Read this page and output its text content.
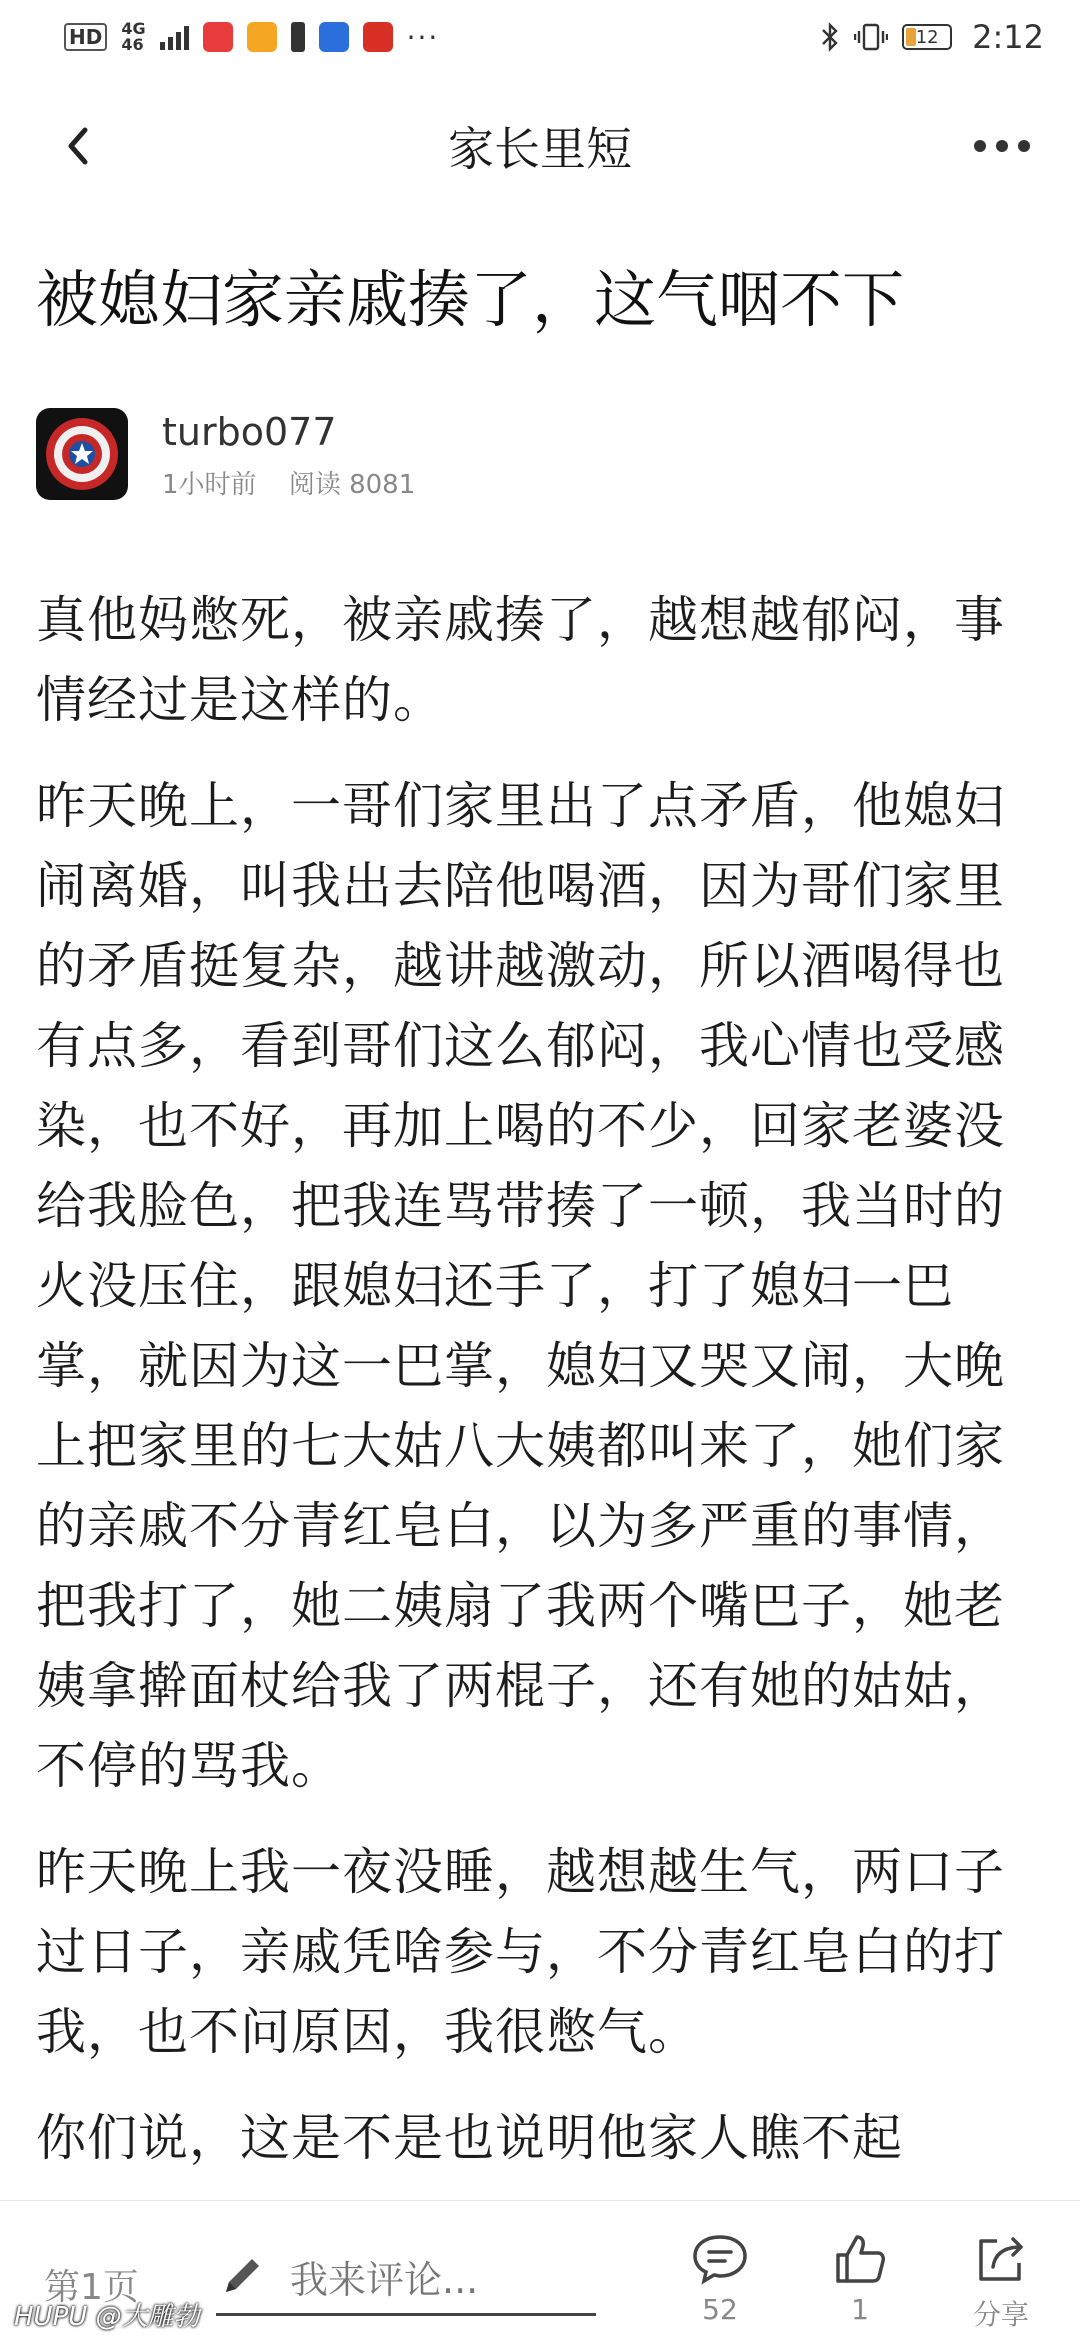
HD	4G
46	···	12 2:12
家长里短
被媳妇家亲戚揍了，这气咽不下
turbo077
1小时前 阅读 8081

真他妈憋死，被亲戚揍了，越想越郁闷，事情经过是这样的。

昨天晚上，一哥们家里出了点矛盾，他媳妇闹离婚，叫我出去陪他喝酒，因为哥们家里的矛盾挺复杂，越讲越激动，所以酒喝得也有点多，看到哥们这么郁闷，我心情也受感染，也不好，再加上喝的不少，回家老婆没给我脸色，把我连骂带揍了一顿，我当时的火没压住，跟媳妇还手了，打了媳妇一巴掌，就因为这一巴掌，媳妇又哭又闹，大晚上把家里的七大姑八大姨都叫来了，她们家的亲戚不分青红皂白，以为多严重的事情，把我打了，她二姨扇了我两个嘴巴子，她老姨拿擀面杖给我了两棍子，还有她的姑姑，不停的骂我。

昨天晚上我一夜没睡，越想越生气，两口子过日子，亲戚凭啥参与，不分青红皂白的打我，也不问原因，我很憋气。

你们说，这是不是也说明他家人瞧不起

第1页	我来评论...
52	1	分享
HUPU @大雕勃
